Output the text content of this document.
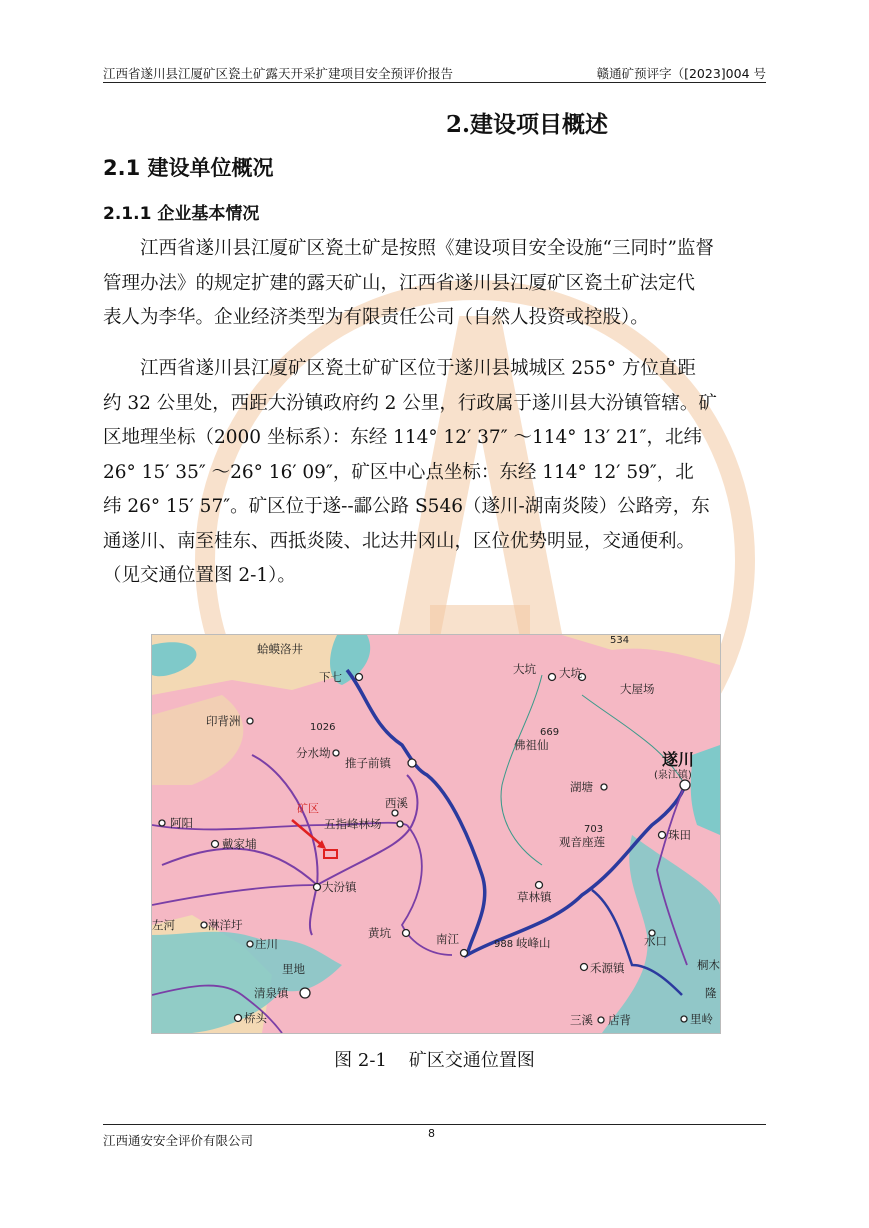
江西省遂川县江厦矿区瓷土矿露天开采扩建项目安全预评价报告	赣通矿预评字（[2023]004 号
2.建设项目概述
2.1 建设单位概况
2.1.1 企业基本情况
　　江西省遂川县江厦矿区瓷土矿是按照《建设项目安全设施“三同时”监督
管理办法》的规定扩建的露天矿山，江西省遂川县江厦矿区瓷土矿法定代
表人为李华。企业经济类型为有限责任公司（自然人投资或控股）。
　　江西省遂川县江厦矿区瓷土矿矿区位于遂川县城城区 255° 方位直距
约 32 公里处，西距大汾镇政府约 2 公里，行政属于遂川县大汾镇管辖。矿
区地理坐标（2000 坐标系）：东经 114° 12′ 37″ ～114° 13′ 21″，北纬
26° 15′ 35″ ～26° 16′ 09″，矿区中心点坐标：东经 114° 12′ 59″，北
纬 26° 15′ 57″。矿区位于遂--酃公路 S546（遂川-湖南炎陵）公路旁，东
通遂川、南至桂东、西抵炎陵、北达井冈山，区位优势明显，交通便利。
（见交通位置图 2-1）。
蛤蟆洛井
下七
大坑 大坑
大屋场
534
印背洲	1026	669
佛祖仙
分水坳
推子前镇	遂川
(泉江镇)
矿区	西溪
湖塘
阿阳	五指峰林场	703
观音座莲	珠田
戴家埔
大汾镇
草林镇
左河	淋洋圩
黄坑	南江	988 岐峰山	水口
庄川
里地	禾源镇	桐木
清泉镇	隆
桥头	三溪 店背	里岭
图 2-1 矿区交通位置图
江西通安安全评价有限公司	8
